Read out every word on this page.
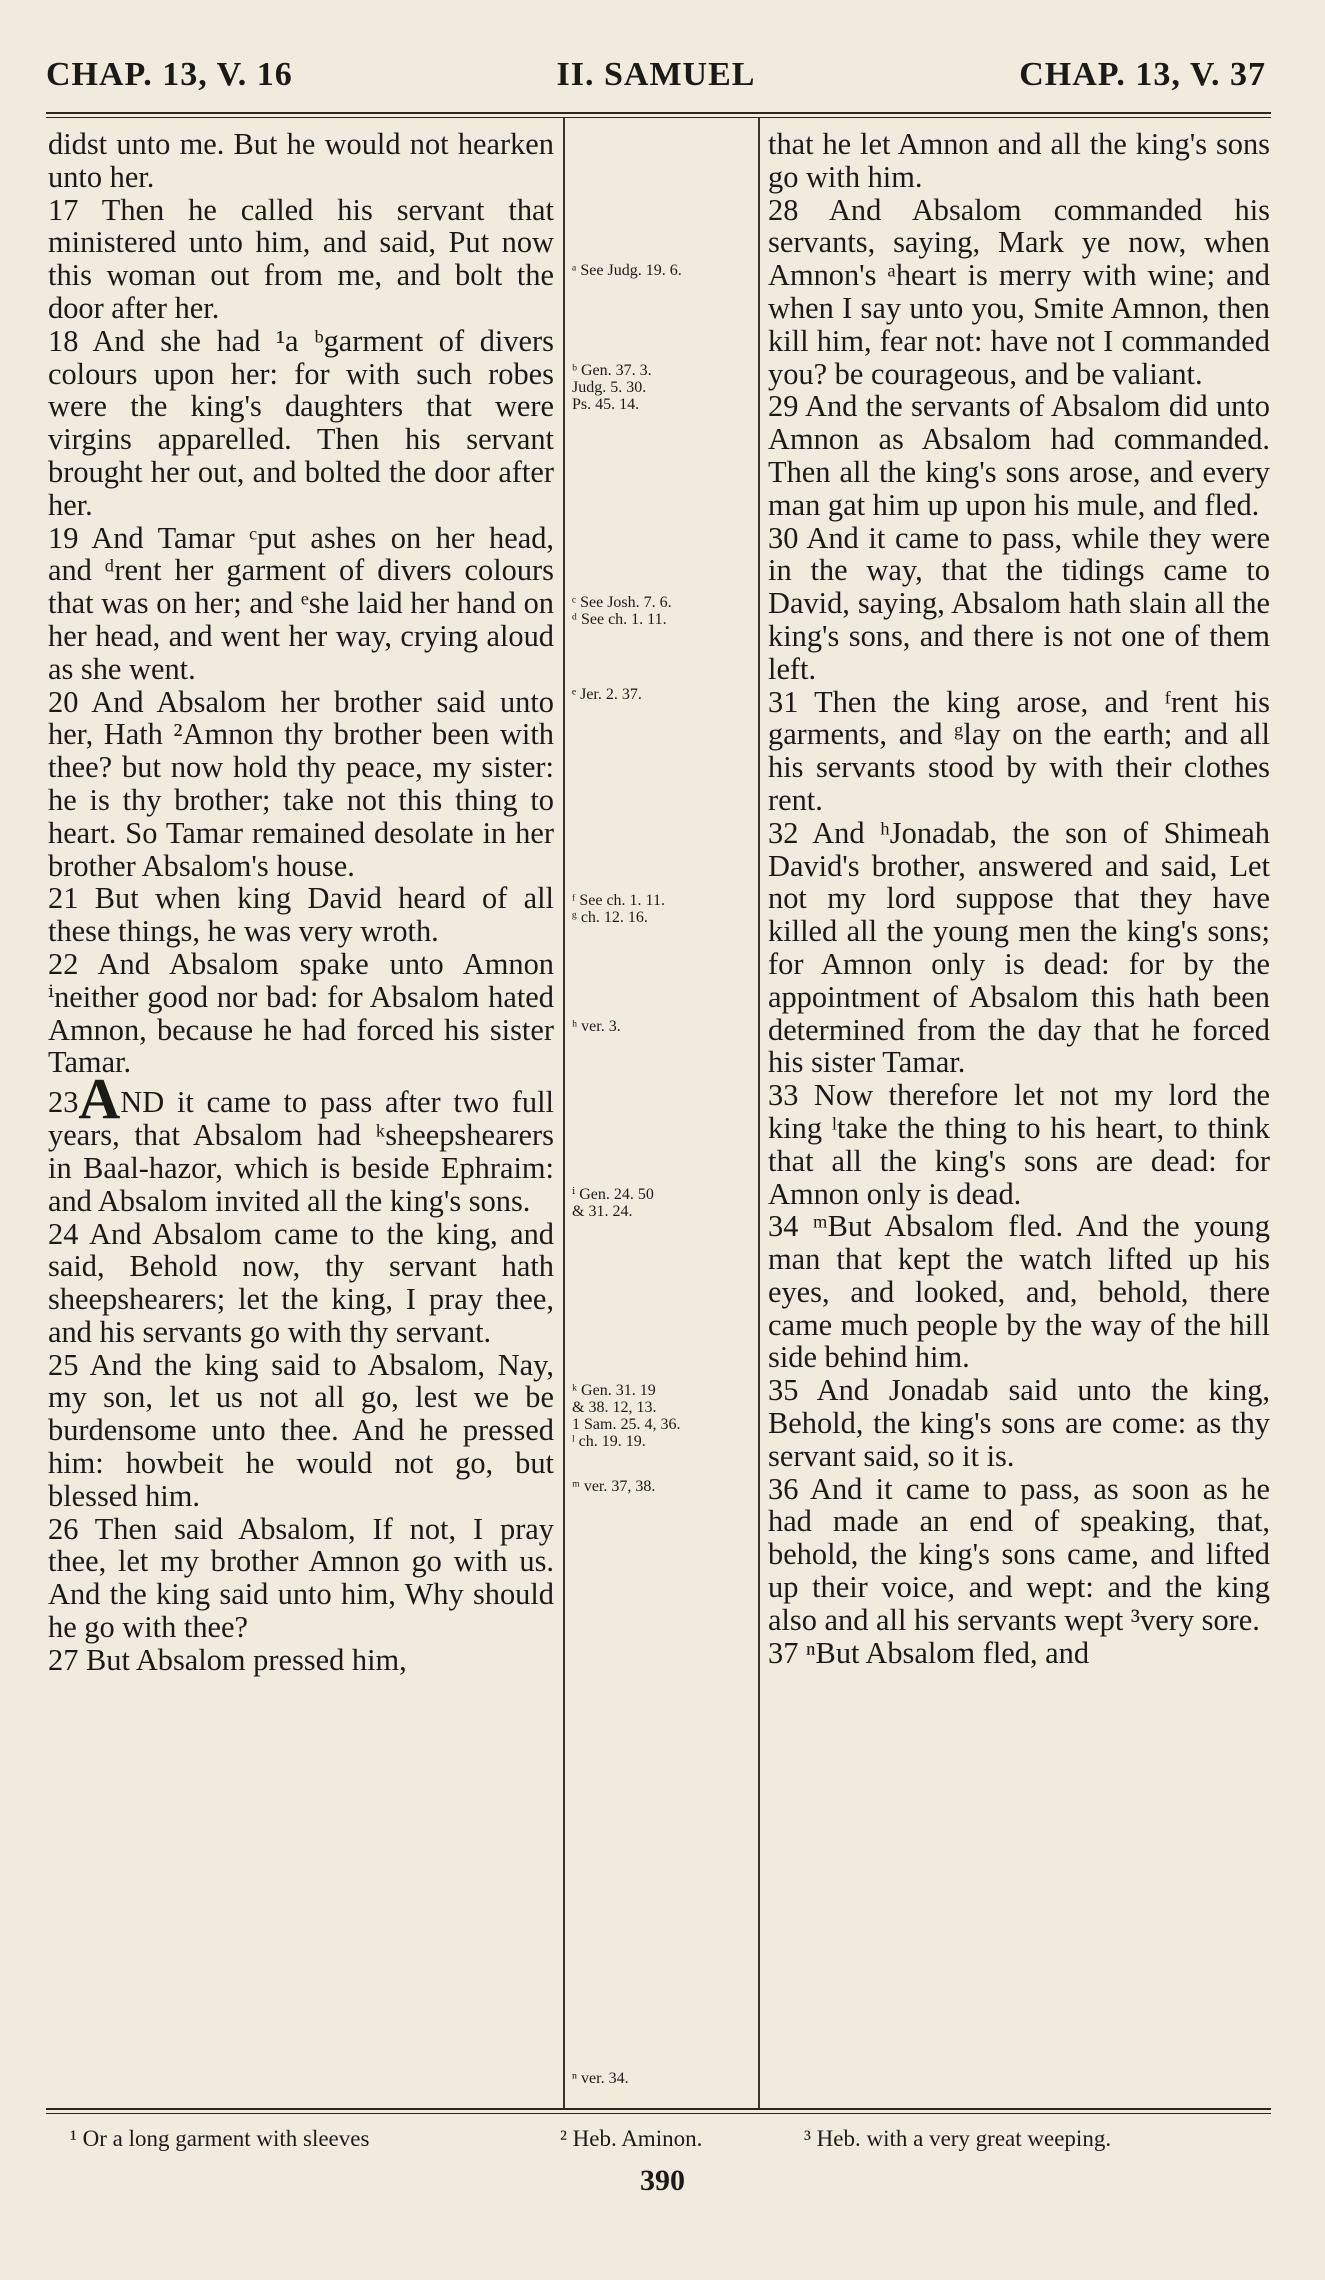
CHAP. 13, V. 16	II. SAMUEL	CHAP. 13, V. 37

didst unto me. But he would not hearken unto her.

17 Then he called his servant that ministered unto him, and said, Put now this woman out from me, and bolt the door after her.

18 And she had ¹a ᵇgarment of divers colours upon her: for with such robes were the king's daughters that were virgins apparelled. Then his servant brought her out, and bolted the door after her.

19 And Tamar ᶜput ashes on her head, and ᵈrent her garment of divers colours that was on her; and ᵉshe laid her hand on her head, and went her way, crying aloud as she went.

20 And Absalom her brother said unto her, Hath ²Amnon thy brother been with thee? but now hold thy peace, my sister: he is thy brother; take not this thing to heart. So Tamar remained desolate in her brother Absalom's house.

21 But when king David heard of all these things, he was very wroth.

22 And Absalom spake unto Amnon ⁱneither good nor bad: for Absalom hated Amnon, because he had forced his sister Tamar.

23AND it came to pass after two full years, that Absalom had ᵏsheepshearers in Baal-hazor, which is beside Ephraim: and Absalom invited all the king's sons.

24 And Absalom came to the king, and said, Behold now, thy servant hath sheepshearers; let the king, I pray thee, and his servants go with thy servant.

25 And the king said to Absalom, Nay, my son, let us not all go, lest we be burdensome unto thee. And he pressed him: howbeit he would not go, but blessed him.

26 Then said Absalom, If not, I pray thee, let my brother Amnon go with us. And the king said unto him, Why should he go with thee?

27 But Absalom pressed him,

ᵃ See Judg. 19. 6.
ᵇ Gen. 37. 3.
Judg. 5. 30.
Ps. 45. 14.
ᶜ See Josh. 7. 6.
ᵈ See ch. 1. 11.
ᵉ Jer. 2. 37.
ᶠ See ch. 1. 11.
ᵍ ch. 12. 16.
ʰ ver. 3.
ⁱ Gen. 24. 50
& 31. 24.
ᵏ Gen. 31. 19
& 38. 12, 13.
1 Sam. 25. 4, 36.
ˡ ch. 19. 19.
ᵐ ver. 37, 38.
ⁿ ver. 34.

that he let Amnon and all the king's sons go with him.

28 And Absalom commanded his servants, saying, Mark ye now, when Amnon's ᵃheart is merry with wine; and when I say unto you, Smite Amnon, then kill him, fear not: have not I commanded you? be courageous, and be valiant.

29 And the servants of Absalom did unto Amnon as Absalom had commanded. Then all the king's sons arose, and every man gat him up upon his mule, and fled.

30 And it came to pass, while they were in the way, that the tidings came to David, saying, Absalom hath slain all the king's sons, and there is not one of them left.

31 Then the king arose, and ᶠrent his garments, and ᵍlay on the earth; and all his servants stood by with their clothes rent.

32 And ʰJonadab, the son of Shimeah David's brother, answered and said, Let not my lord suppose that they have killed all the young men the king's sons; for Amnon only is dead: for by the appointment of Absalom this hath been determined from the day that he forced his sister Tamar.

33 Now therefore let not my lord the king ˡtake the thing to his heart, to think that all the king's sons are dead: for Amnon only is dead.

34 ᵐBut Absalom fled. And the young man that kept the watch lifted up his eyes, and looked, and, behold, there came much people by the way of the hill side behind him.

35 And Jonadab said unto the king, Behold, the king's sons are come: as thy servant said, so it is.

36 And it came to pass, as soon as he had made an end of speaking, that, behold, the king's sons came, and lifted up their voice, and wept: and the king also and all his servants wept ³very sore.

37 ⁿBut Absalom fled, and

¹ Or a long garment with sleeves	² Heb. Aminon.	³ Heb. with a very great weeping.
390
